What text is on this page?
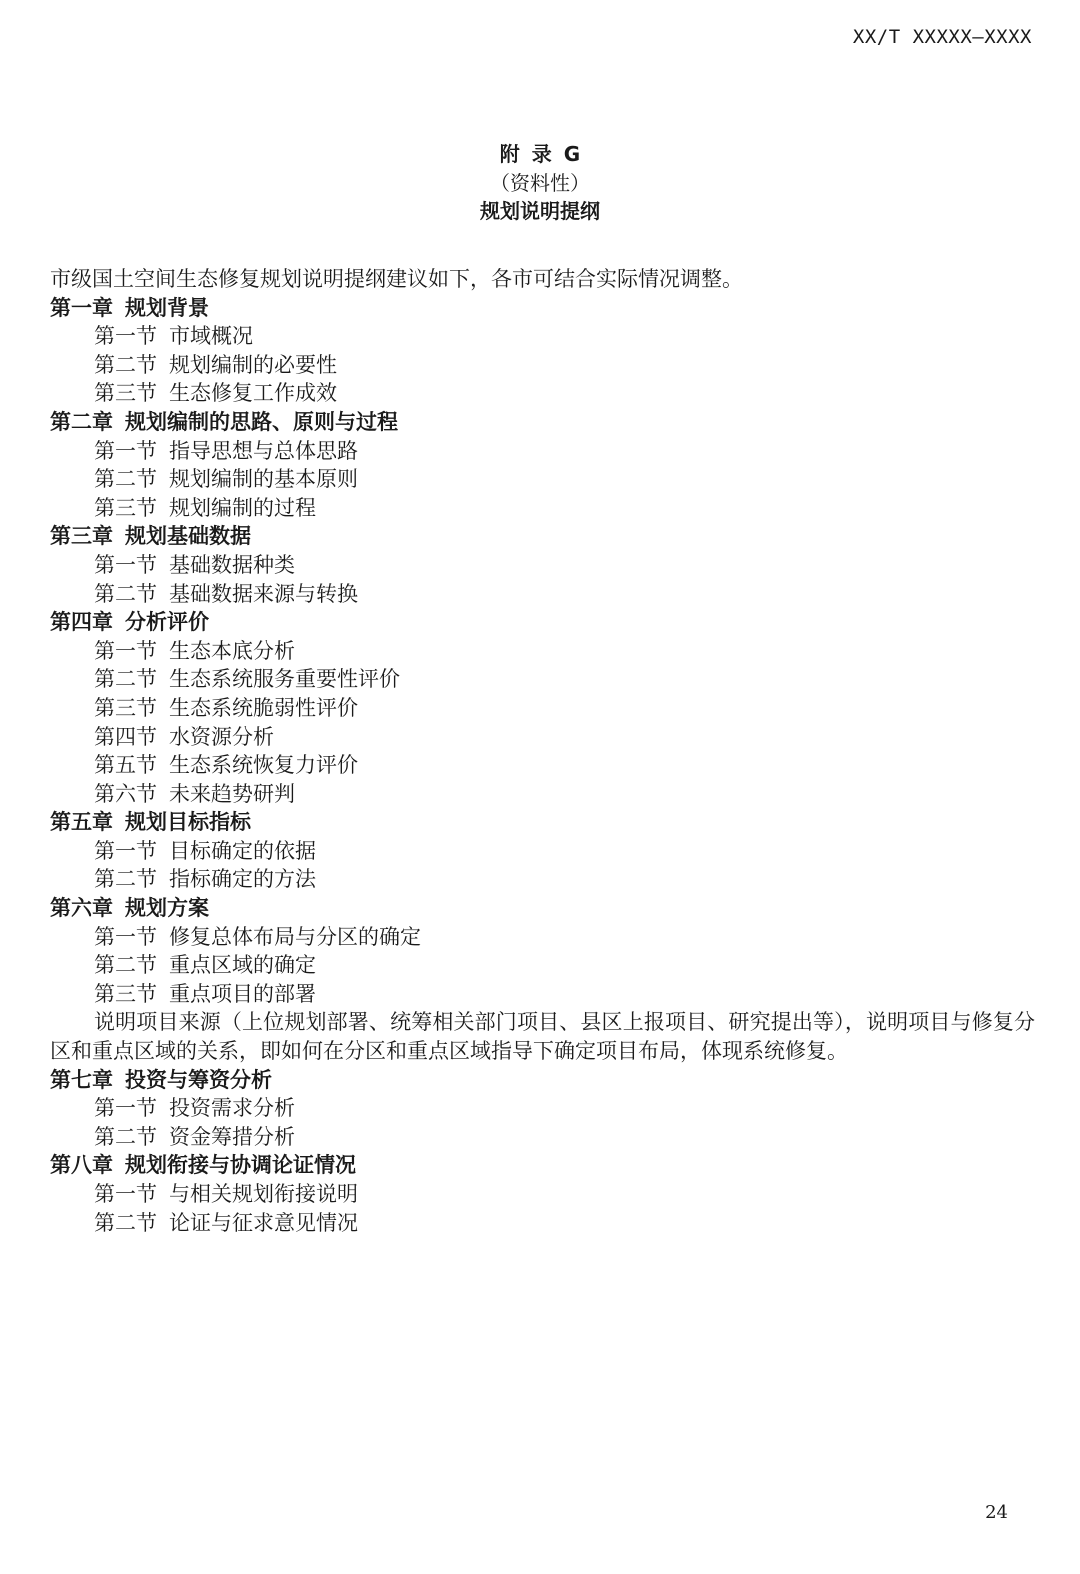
XX/T XXXXX—XXXX
附录G
（资料性）
规划说明提纲
市级国土空间生态修复规划说明提纲建议如下，各市可结合实际情况调整。
第一章 规划背景
第一节 市域概况
第二节 规划编制的必要性
第三节 生态修复工作成效
第二章 规划编制的思路、原则与过程
第一节 指导思想与总体思路
第二节 规划编制的基本原则
第三节 规划编制的过程
第三章 规划基础数据
第一节 基础数据种类
第二节 基础数据来源与转换
第四章 分析评价
第一节 生态本底分析
第二节 生态系统服务重要性评价
第三节 生态系统脆弱性评价
第四节 水资源分析
第五节 生态系统恢复力评价
第六节 未来趋势研判
第五章 规划目标指标
第一节 目标确定的依据
第二节 指标确定的方法
第六章 规划方案
第一节 修复总体布局与分区的确定
第二节 重点区域的确定
第三节 重点项目的部署
说明项目来源（上位规划部署、统筹相关部门项目、县区上报项目、研究提出等），说明项目与修复分区和重点区域的关系，即如何在分区和重点区域指导下确定项目布局，体现系统修复。
第七章 投资与筹资分析
第一节 投资需求分析
第二节 资金筹措分析
第八章 规划衔接与协调论证情况
第一节 与相关规划衔接说明
第二节 论证与征求意见情况
24
